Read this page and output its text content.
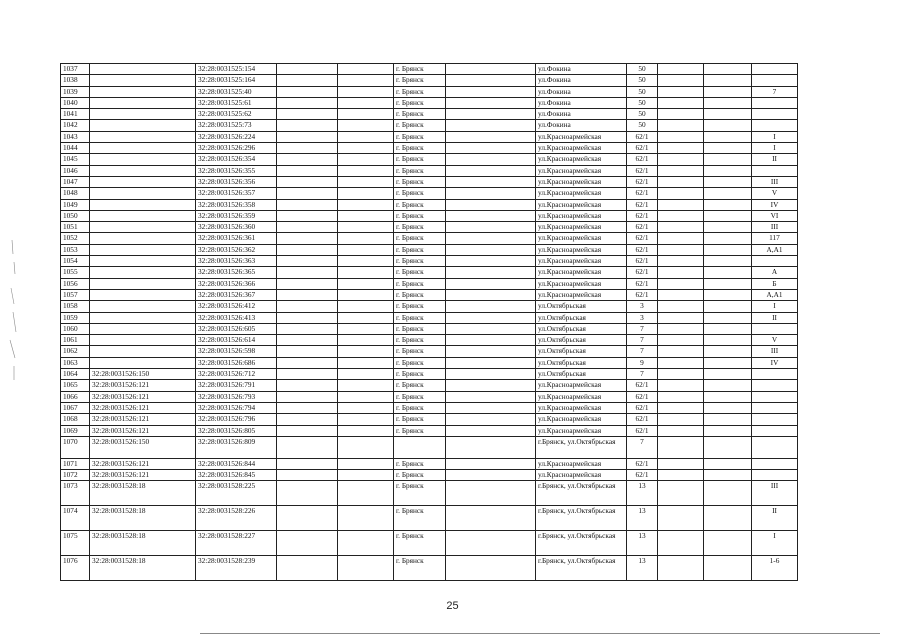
1037		32:28:0031525:154			г. Брянск		ул.Фокина	50			
1038		32:28:0031525:164			г. Брянск		ул.Фокина	50			
1039		32:28:0031525:40			г. Брянск		ул.Фокина	50			7
1040		32:28:0031525:61			г. Брянск		ул.Фокина	50			
1041		32:28:0031525:62			г. Брянск		ул.Фокина	50			
1042		32:28:0031525:73			г. Брянск		ул.Фокина	50			
1043		32:28:0031526:224			г. Брянск		ул.Красноармейская	62/1			I
1044		32:28:0031526:296			г. Брянск		ул.Красноармейская	62/1			I
1045		32:28:0031526:354			г. Брянск		ул.Красноармейская	62/1			II
1046		32:28:0031526:355			г. Брянск		ул.Красноармейская	62/1			
1047		32:28:0031526:356			г. Брянск		ул.Красноармейская	62/1			III
1048		32:28:0031526:357			г. Брянск		ул.Красноармейская	62/1			V
1049		32:28:0031526:358			г. Брянск		ул.Красноармейская	62/1			IV
1050		32:28:0031526:359			г. Брянск		ул.Красноармейская	62/1			VI
1051		32:28:0031526:360			г. Брянск		ул.Красноармейская	62/1			III
1052		32:28:0031526:361			г. Брянск		ул.Красноармейская	62/1			117
1053		32:28:0031526:362			г. Брянск		ул.Красноармейская	62/1			А,А1
1054		32:28:0031526:363			г. Брянск		ул.Красноармейская	62/1			
1055		32:28:0031526:365			г. Брянск		ул.Красноармейская	62/1			А
1056		32:28:0031526:366			г. Брянск		ул.Красноармейская	62/1			Б
1057		32:28:0031526:367			г. Брянск		ул.Красноармейская	62/1			А,А1
1058		32:28:0031526:412			г. Брянск		ул.Октябрьская	3			I
1059		32:28:0031526:413			г. Брянск		ул.Октябрьская	3			II
1060		32:28:0031526:605			г. Брянск		ул.Октябрьская	7			
1061		32:28:0031526:614			г. Брянск		ул.Октябрьская	7			V
1062		32:28:0031526:598			г. Брянск		ул.Октябрьская	7			III
1063		32:28:0031526:686			г. Брянск		ул.Октябрьская	9			IV
1064	32:28:0031526:150	32:28:0031526:712			г. Брянск		ул.Октябрьская	7			
1065	32:28:0031526:121	32:28:0031526:791			г. Брянск		ул.Красноармейская	62/1			
1066	32:28:0031526:121	32:28:0031526:793			г. Брянск		ул.Красноармейская	62/1			
1067	32:28:0031526:121	32:28:0031526:794			г. Брянск		ул.Красноармейская	62/1			
1068	32:28:0031526:121	32:28:0031526:796			г. Брянск		ул.Красноармейская	62/1			
1069	32:28:0031526:121	32:28:0031526:805			г. Брянск		ул.Красноармейская	62/1			
1070	32:28:0031526:150	32:28:0031526:809					г.Брянск, ул.Октябрьская	7			
1071	32:28:0031526:121	32:28:0031526:844			г. Брянск		ул.Красноармейская	62/1			
1072	32:28:0031526:121	32:28:0031526:845			г. Брянск		ул.Красноармейская	62/1			
1073	32:28:0031528:18	32:28:0031528:225			г. Брянск		г.Брянск, ул.Октябрьская	13			III
1074	32:28:0031528:18	32:28:0031528:226			г. Брянск		г.Брянск, ул.Октябрьская	13			II
1075	32:28:0031528:18	32:28:0031528:227			г. Брянск		г.Брянск, ул.Октябрьская	13			I
1076	32:28:0031528:18	32:28:0031528:239			г. Брянск		г.Брянск, ул.Октябрьская	13			1-6
25
